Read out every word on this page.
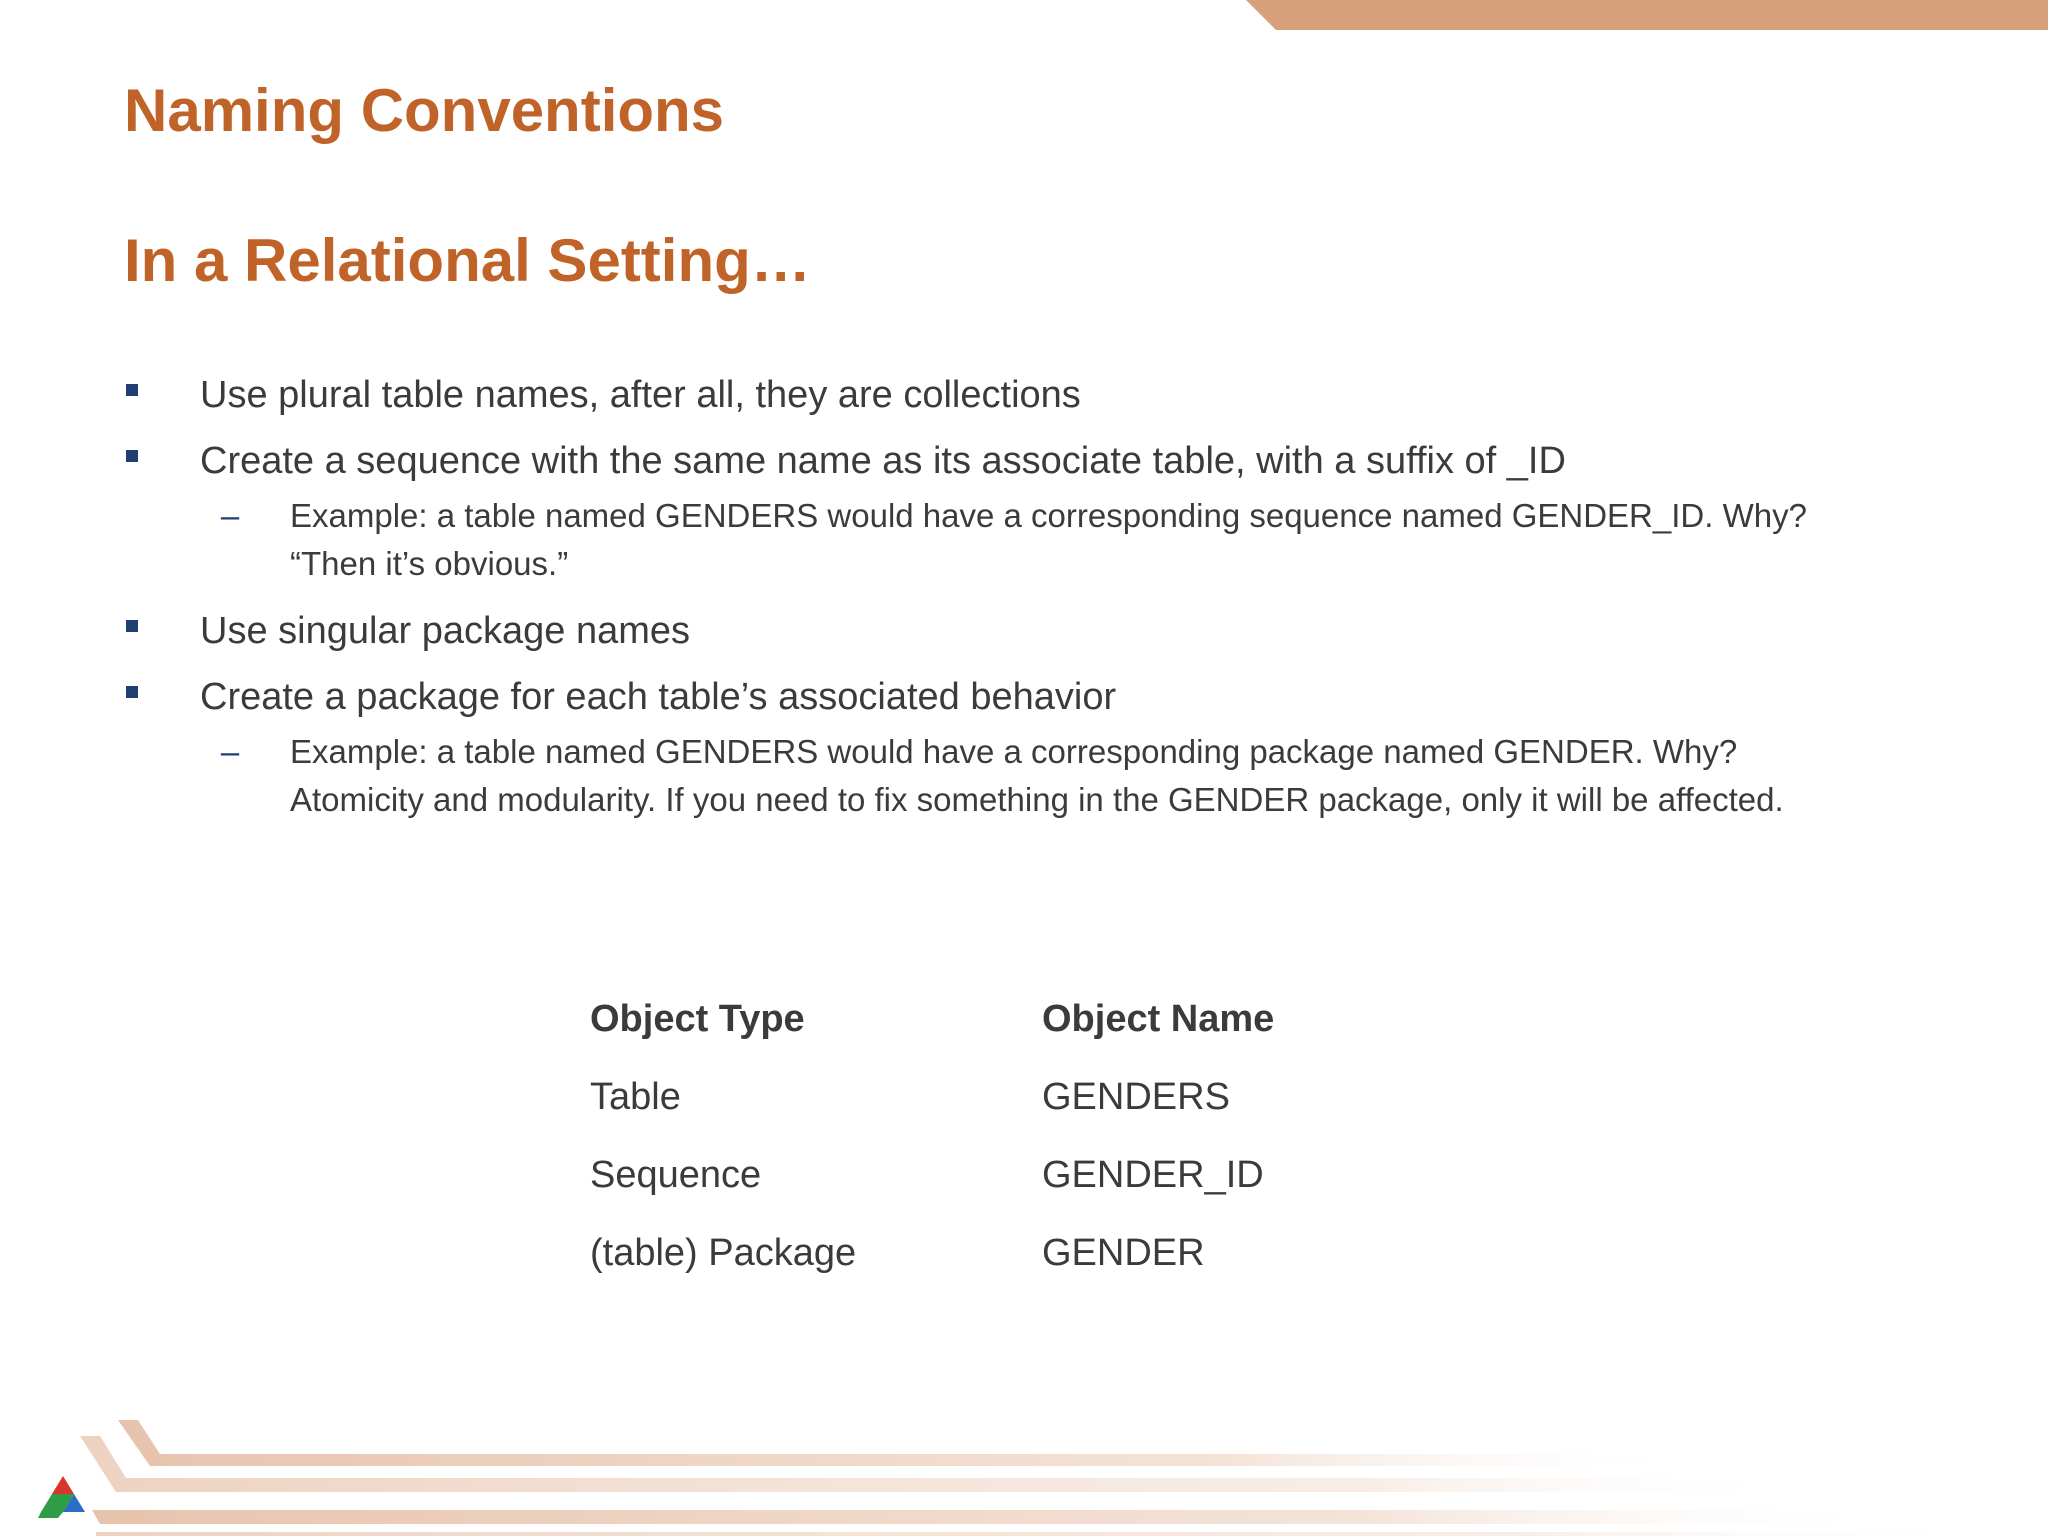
Naming Conventions
In a Relational Setting…
Use plural table names, after all, they are collections
Create a sequence with the same name as its associate table, with a suffix of _ID
–	Example: a table named GENDERS would have a corresponding sequence named GENDER_ID. Why? “Then it’s obvious.”
Use singular package names
Create a package for each table’s associated behavior
–	Example: a table named GENDERS would have a corresponding package named GENDER. Why? Atomicity and modularity. If you need to fix something in the GENDER package, only it will be affected.
Object Type	Object Name
Table	GENDERS
Sequence	GENDER_ID
(table) Package	GENDER
